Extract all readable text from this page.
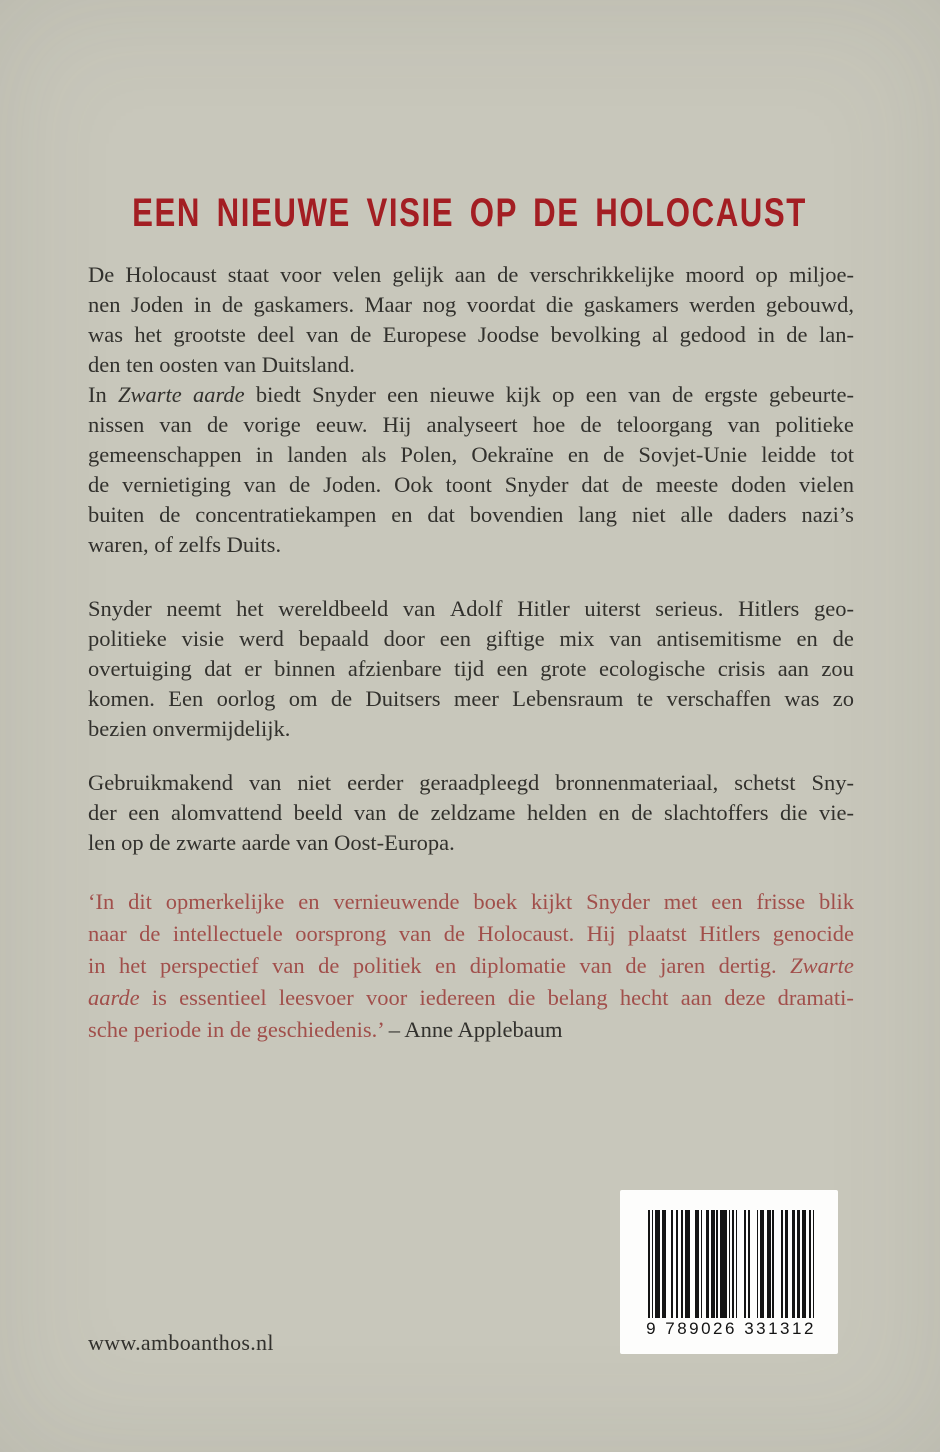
EEN NIEUWE VISIE OP DE HOLOCAUST
De Holocaust staat voor velen gelijk aan de verschrikkelijke moord op miljoe-
nen Joden in de gaskamers. Maar nog voordat die gaskamers werden gebouwd,
was het grootste deel van de Europese Joodse bevolking al gedood in de lan-
den ten oosten van Duitsland.
In Zwarte aarde biedt Snyder een nieuwe kijk op een van de ergste gebeurte-
nissen van de vorige eeuw. Hij analyseert hoe de teloorgang van politieke
gemeenschappen in landen als Polen, Oekraïne en de Sovjet-Unie leidde tot
de vernietiging van de Joden. Ook toont Snyder dat de meeste doden vielen
buiten de concentratiekampen en dat bovendien lang niet alle daders nazi’s
waren, of zelfs Duits.
Snyder neemt het wereldbeeld van Adolf Hitler uiterst serieus. Hitlers geo-
politieke visie werd bepaald door een giftige mix van antisemitisme en de
overtuiging dat er binnen afzienbare tijd een grote ecologische crisis aan zou
komen. Een oorlog om de Duitsers meer Lebensraum te verschaffen was zo
bezien onvermijdelijk.
Gebruikmakend van niet eerder geraadpleegd bronnenmateriaal, schetst Sny-
der een alomvattend beeld van de zeldzame helden en de slachtoffers die vie-
len op de zwarte aarde van Oost-Europa.
‘In dit opmerkelijke en vernieuwende boek kijkt Snyder met een frisse blik
naar de intellectuele oorsprong van de Holocaust. Hij plaatst Hitlers genocide
in het perspectief van de politiek en diplomatie van de jaren dertig. Zwarte
aarde is essentieel leesvoer voor iedereen die belang hecht aan deze dramati-
sche periode in de geschiedenis.’ – Anne Applebaum
9 789026 331312
www.amboanthos.nl
